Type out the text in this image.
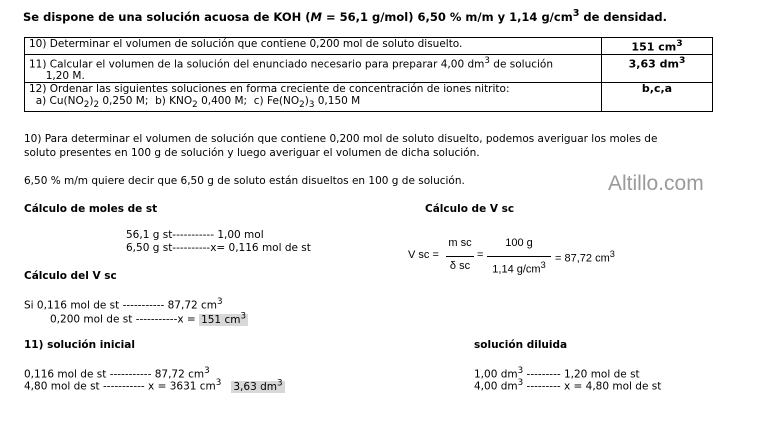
Se dispone de una solución acuosa de KOH (M = 56,1 g/mol) 6,50 % m/m y 1,14 $g/cm^3$ de densidad.
10) Determinar el volumen de solución que contiene 0,200 mol de soluto disuelto.	151 $cm^3$
11) Calcular el volumen de la solución del enunciado necesario para preparar 4,00 $dm^3$ de solución
1,20 M.	3,63 $dm^3$
12) Ordenar las siguientes soluciones en forma creciente de concentración de iones nitrito:
a) $Cu(NO_2)_2$ 0,250 M; b) $KNO_2$ 0,400 M; c) $Fe(NO_2)_3$ 0,150 M	b,c,a
10) Para determinar el volumen de solución que contiene 0,200 mol de soluto disuelto, podemos averiguar los moles de
soluto presentes en 100 g de solución y luego averiguar el volumen de dicha solución.
6,50 % m/m quiere decir que 6,50 g de soluto están disueltos en 100 g de solución.	Altillo.com
Cálculo de moles de st
56,1 g st----------- 1,00 mol
6,50 g st----------x= 0,116 mol de st
Cálculo de V sc
V sc =
m sc
δ sc
=
100 g
1,14 $g/cm^3$
= 87,72 $cm^3$
Cálculo del V sc
Si 0,116 mol de st ----------- 87,72 $cm^3$
0,200 mol de st -----------x = 151 $cm^3$
11) solución inicial
0,116 mol de st ----------- 87,72 $cm^3$
4,80 mol de st ----------- x = 3631 $cm^3$ 3,63 $dm^3$
solución diluida
1,00 $dm^3$ --------- 1,20 mol de st
4,00 $dm^3$ --------- x = 4,80 mol de st
